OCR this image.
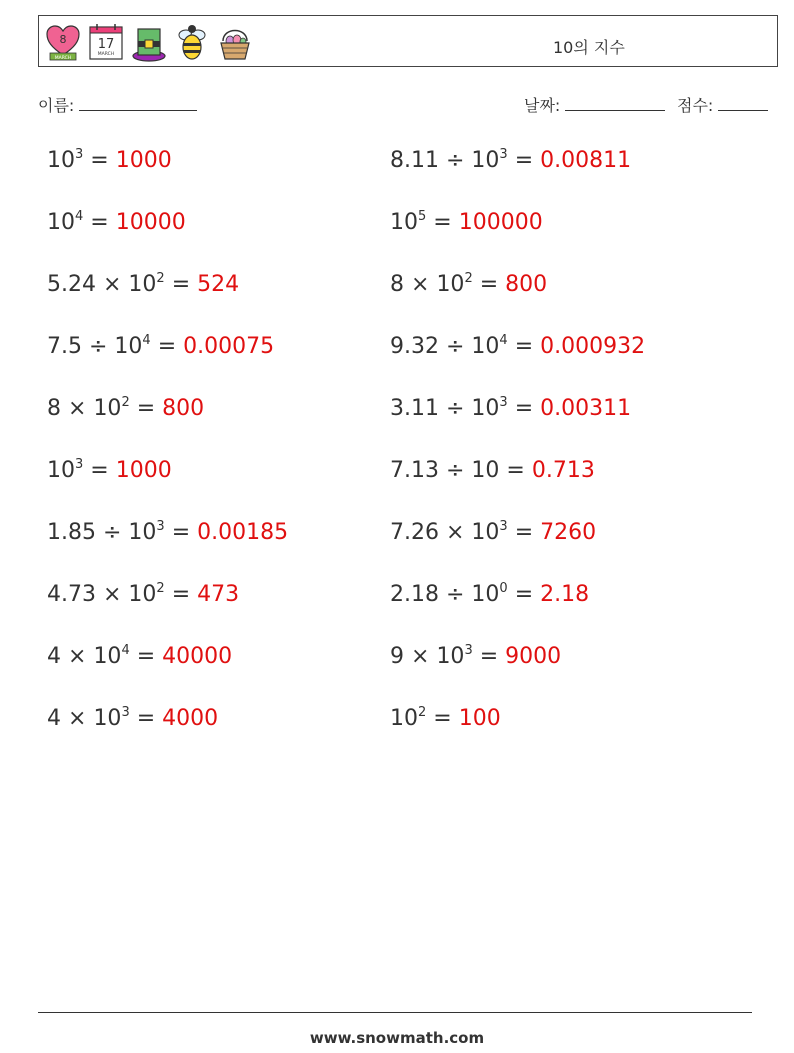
8
MARCH
17
MARCH	10의 지수
이름:	날짜:	점수:
$10^3 = 1000$	$8.11 \div 10^3 = 0.00811$
$10^4 = 10000$	$10^5 = 100000$
$5.24 \times 10^2 = 524$	$8 \times 10^2 = 800$
$7.5 \div 10^4 = 0.00075$	$9.32 \div 10^4 = 0.000932$
$8 \times 10^2 = 800$	$3.11 \div 10^3 = 0.00311$
$10^3 = 1000$	7.13 ÷ 10 = 0.713
$1.85 \div 10^3 = 0.00185$	$7.26 \times 10^3 = 7260$
$4.73 \times 10^2 = 473$	$2.18 \div 10^0 = 2.18$
$4 \times 10^4 = 40000$	$9 \times 10^3 = 9000$
$4 \times 10^3 = 4000$	$10^2 = 100$
www.snowmath.com
